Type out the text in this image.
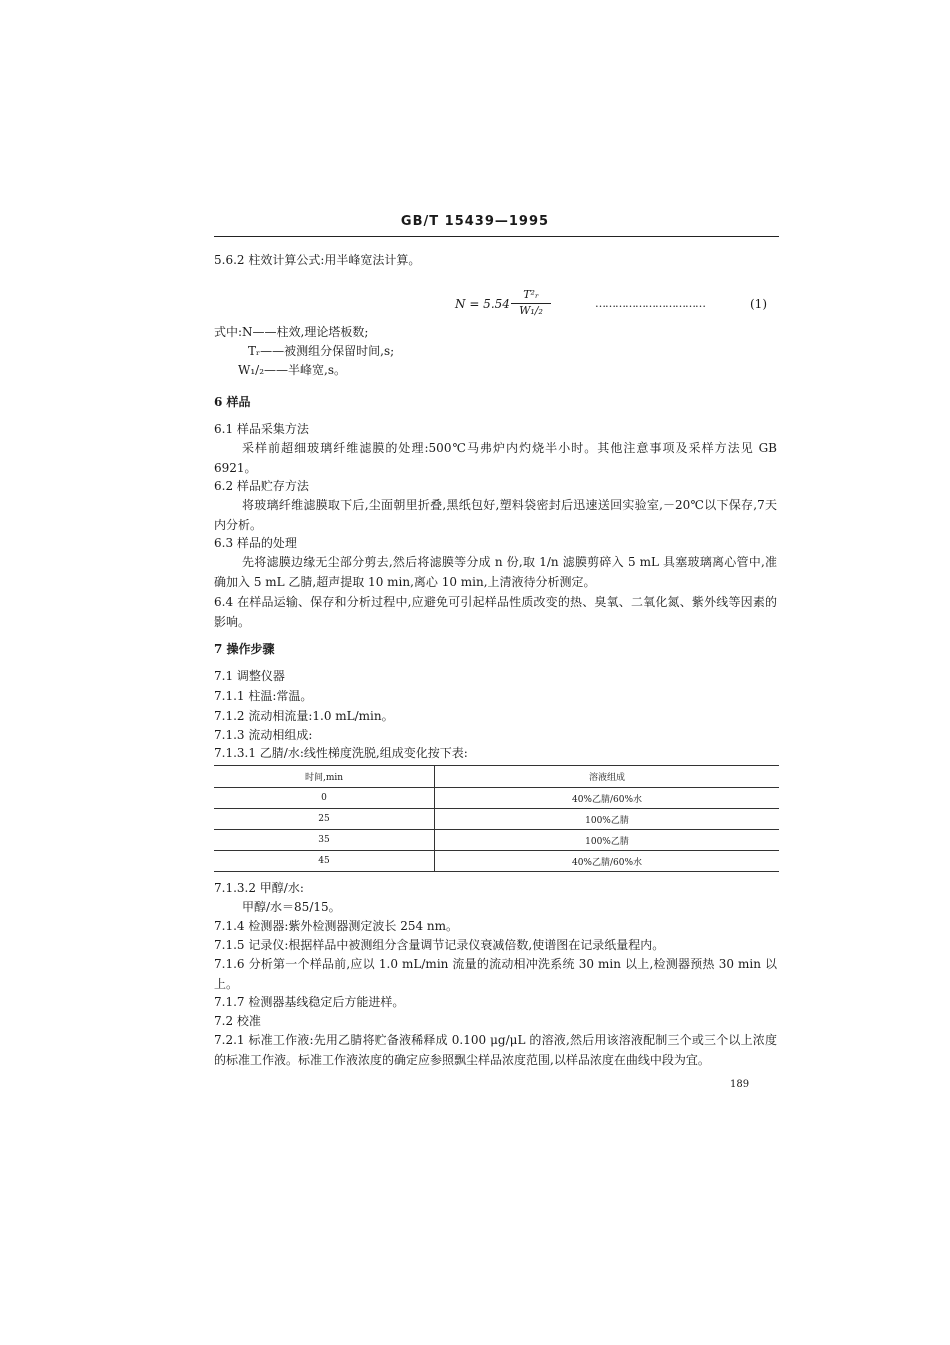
GB/T 15439—1995
5.6.2 柱效计算公式:用半峰宽法计算。
$N = 5.54 \frac{\text{T²ᵣ}}{\text{W₁/₂}}$	……………………………	(1)
式中:N——柱效,理论塔板数;
Tᵣ——被测组分保留时间,s;
W₁/₂——半峰宽,s。
6 样品
6.1 样品采集方法
采样前超细玻璃纤维滤膜的处理:500℃马弗炉内灼烧半小时。其他注意事项及采样方法见 GB 6921。
6.2 样品贮存方法
将玻璃纤维滤膜取下后,尘面朝里折叠,黑纸包好,塑料袋密封后迅速送回实验室,－20℃以下保存,7天内分析。
6.3 样品的处理
先将滤膜边缘无尘部分剪去,然后将滤膜等分成 n 份,取 1/n 滤膜剪碎入 5 mL 具塞玻璃离心管中,准确加入 5 mL 乙腈,超声提取 10 min,离心 10 min,上清液待分析测定。
6.4 在样品运输、保存和分析过程中,应避免可引起样品性质改变的热、臭氧、二氧化氮、紫外线等因素的影响。
7 操作步骤
7.1 调整仪器
7.1.1 柱温:常温。
7.1.2 流动相流量:1.0 mL/min。
7.1.3 流动相组成:
7.1.3.1 乙腈/水:线性梯度洗脱,组成变化按下表:
时间,min	溶液组成
0	40%乙腈/60%水
25	100%乙腈
35	100%乙腈
45	40%乙腈/60%水
7.1.3.2 甲醇/水:
甲醇/水＝85/15。
7.1.4 检测器:紫外检测器测定波长 254 nm。
7.1.5 记录仪:根据样品中被测组分含量调节记录仪衰减倍数,使谱图在记录纸量程内。
7.1.6 分析第一个样品前,应以 1.0 mL/min 流量的流动相冲洗系统 30 min 以上,检测器预热 30 min 以上。
7.1.7 检测器基线稳定后方能进样。
7.2 校准
7.2.1 标准工作液:先用乙腈将贮备液稀释成 0.100 μg/μL 的溶液,然后用该溶液配制三个或三个以上浓度的标准工作液。标准工作液浓度的确定应参照飘尘样品浓度范围,以样品浓度在曲线中段为宜。
189
